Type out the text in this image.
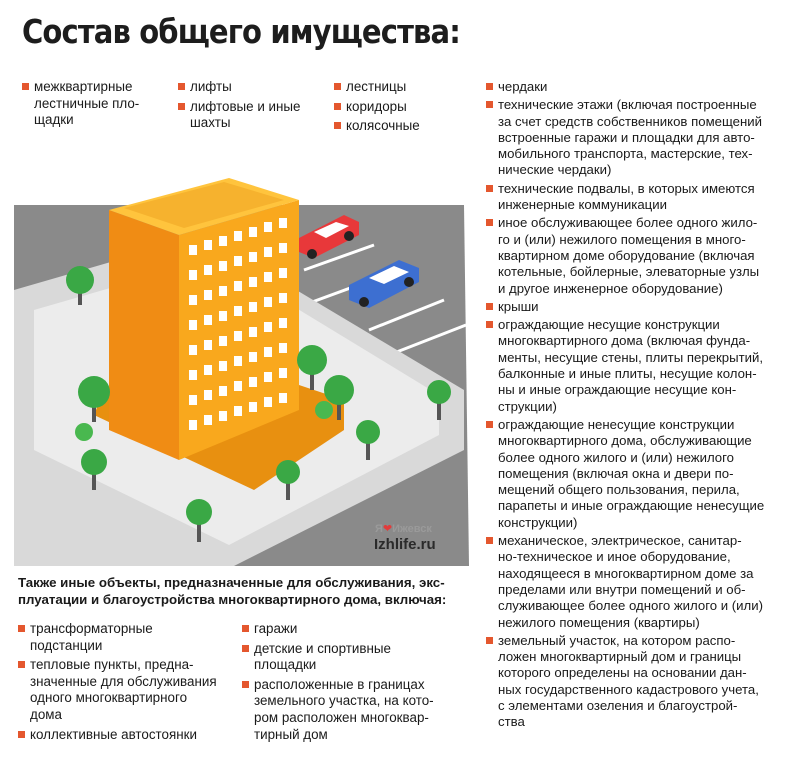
Состав общего имущества:
межквартирные
лестничные пло-
щадки
лифты
лифтовые и иные
шахты
лестницы
коридоры
колясочные
чердаки
технические этажи (включая построенные
за счет средств собственников помещений
встроенные гаражи и площадки для авто-
мобильного транспорта, мастерские, тех-
нические чердаки)
технические подвалы, в которых имеются
инженерные коммуникации
иное обслуживающее более одного жило-
го и (или) нежилого помещения в много-
квартирном доме оборудование (включая
котельные, бойлерные, элеваторные узлы
и другое инженерное оборудование)
крыши
ограждающие несущие конструкции
многоквартирного дома (включая фунда-
менты, несущие стены, плиты перекрытий,
балконные и иные плиты, несущие колон-
ны и иные ограждающие несущие кон-
струкции)
ограждающие ненесущие конструкции
многоквартирного дома, обслуживающие
более одного жилого и (или) нежилого
помещения (включая окна и двери по-
мещений общего пользования, перила,
парапеты и иные ограждающие ненесущие
конструкции)
механическое, электрическое, санитар-
но-техническое и иное оборудование,
находящееся в многоквартирном доме за
пределами или внутри помещений и об-
служивающее более одного жилого и (или)
нежилого помещения (квартиры)
земельный участок, на котором распо-
ложен многоквартирный дом и границы
которого определены на основании дан-
ных государственного кадастрового учета,
с элементами озеления и благоустрой-
ства
Я❤Ижевск
Izhlife.ru
Также иные объекты, предназначенные для обслуживания, экс-
плуатации и благоустройства многоквартирного дома, включая:
трансформаторные
подстанции
тепловые пункты, предна-
значенные для обслуживания
одного многоквартирного
дома
коллективные автостоянки
гаражи
детские и спортивные
площадки
расположенные в границах
земельного участка, на кото-
ром расположен многоквар-
тирный дом
